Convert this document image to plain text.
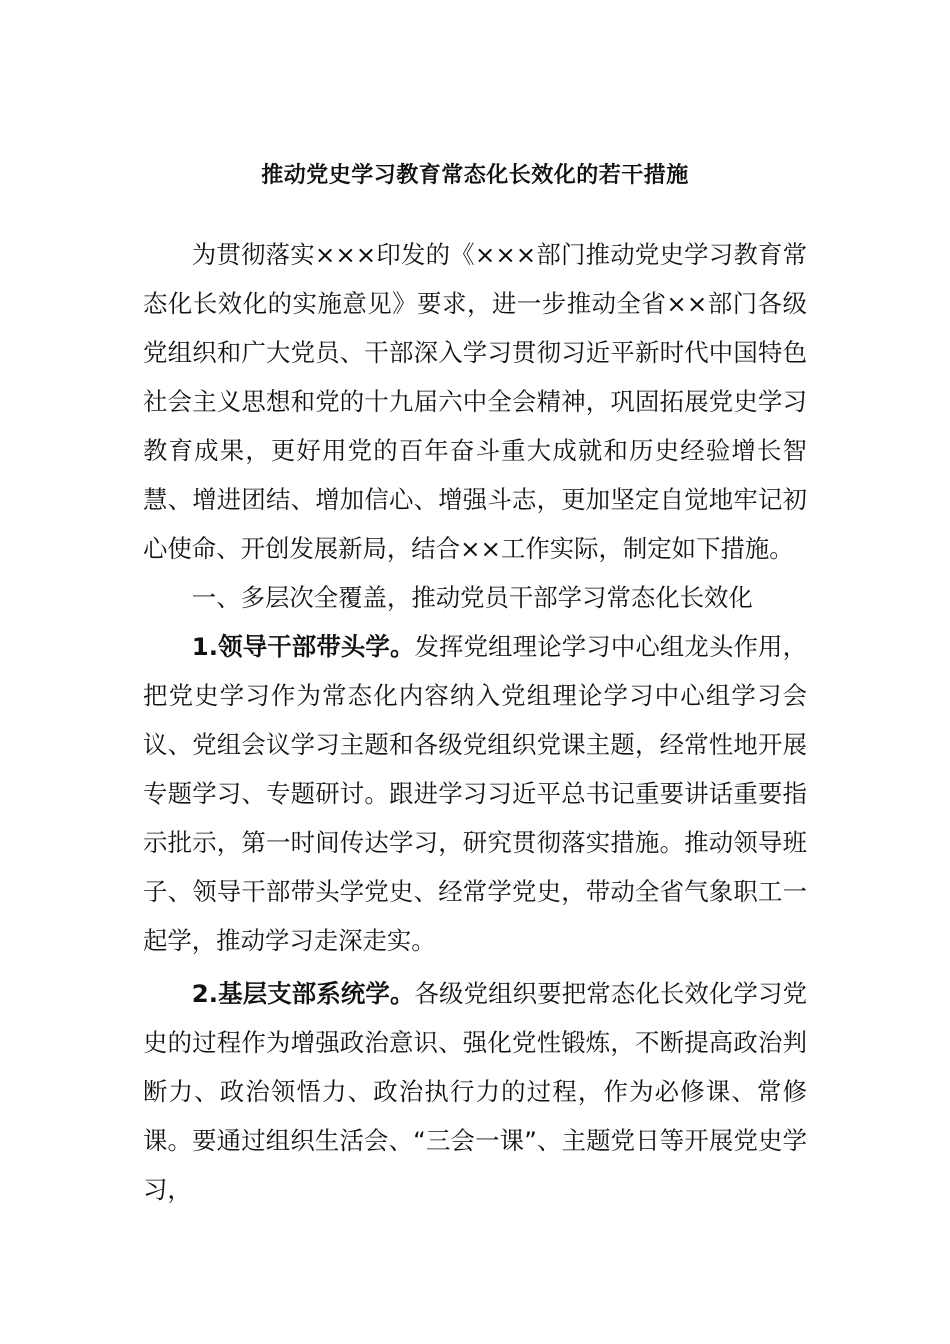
推动党史学习教育常态化长效化的若干措施

为贯彻落实×××印发的《×××部门推动党史学习教育常态化长效化的实施意见》要求，进一步推动全省××部门各级党组织和广大党员、干部深入学习贯彻习近平新时代中国特色社会主义思想和党的十九届六中全会精神，巩固拓展党史学习教育成果，更好用党的百年奋斗重大成就和历史经验增长智慧、增进团结、增加信心、增强斗志，更加坚定自觉地牢记初心使命、开创发展新局，结合××工作实际，制定如下措施。

一、多层次全覆盖，推动党员干部学习常态化长效化

1.领导干部带头学。发挥党组理论学习中心组龙头作用，把党史学习作为常态化内容纳入党组理论学习中心组学习会议、党组会议学习主题和各级党组织党课主题，经常性地开展专题学习、专题研讨。跟进学习习近平总书记重要讲话重要指示批示，第一时间传达学习，研究贯彻落实措施。推动领导班子、领导干部带头学党史、经常学党史，带动全省气象职工一起学，推动学习走深走实。

2.基层支部系统学。各级党组织要把常态化长效化学习党史的过程作为增强政治意识、强化党性锻炼，不断提高政治判断力、政治领悟力、政治执行力的过程，作为必修课、常修课。要通过组织生活会、“三会一课”、主题党日等开展党史学习，
